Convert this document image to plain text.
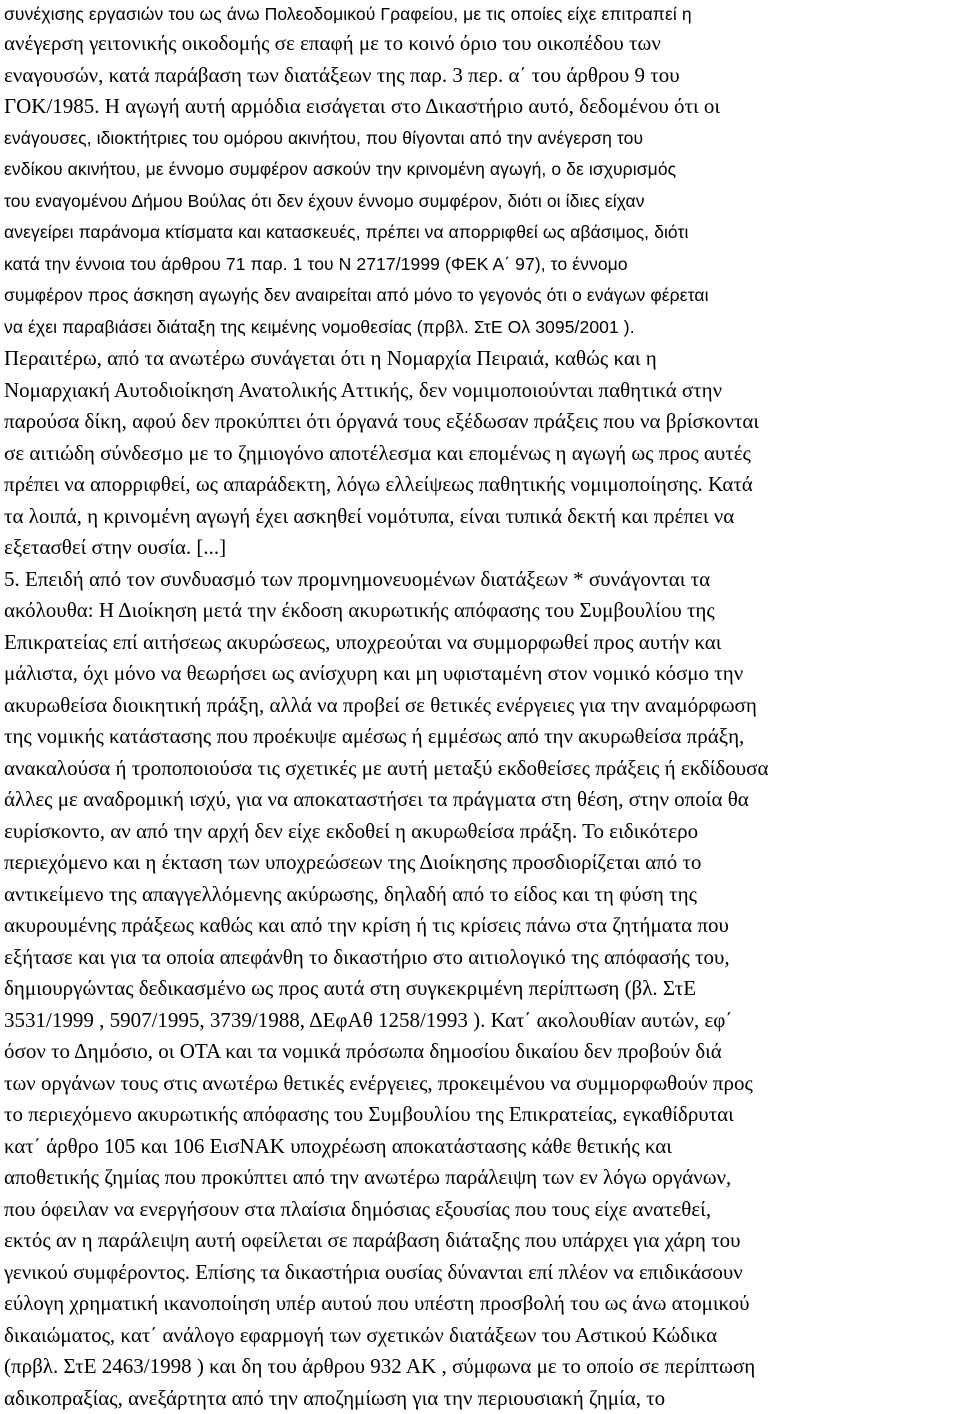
συνέχισης εργασιών του ως άνω Πολεοδομικού Γραφείου, με τις οποίες είχε επιτραπεί η
ανέγερση γειτονικής οικοδομής σε επαφή με το κοινό όριο του οικοπέδου των
εναγουσών, κατά παράβαση των διατάξεων της παρ. 3 περ. α΄ του άρθρου 9 του
ΓΟΚ/1985. Η αγωγή αυτή αρμόδια εισάγεται στο Δικαστήριο αυτό, δεδομένου ότι οι
ενάγουσες, ιδιοκτήτριες του ομόρου ακινήτου, που θίγονται από την ανέγερση του
ενδίκου ακινήτου, με έννομο συμφέρον ασκούν την κρινομένη αγωγή, ο δε ισχυρισμός
του εναγομένου Δήμου Βούλας ότι δεν έχουν έννομο συμφέρον, διότι οι ίδιες είχαν
ανεγείρει παράνομα κτίσματα και κατασκευές, πρέπει να απορριφθεί ως αβάσιμος, διότι
κατά την έννοια του άρθρου 71 παρ. 1 του Ν 2717/1999 (ΦΕΚ Α΄ 97), το έννομο
συμφέρον προς άσκηση αγωγής δεν αναιρείται από μόνο το γεγονός ότι ο ενάγων φέρεται
να έχει παραβιάσει διάταξη της κειμένης νομοθεσίας (πρβλ. ΣτΕ Ολ 3095/2001 ).
Περαιτέρω, από τα ανωτέρω συνάγεται ότι η Νομαρχία Πειραιά, καθώς και η
Νομαρχιακή Αυτοδιοίκηση Ανατολικής Αττικής, δεν νομιμοποιούνται παθητικά στην
παρούσα δίκη, αφού δεν προκύπτει ότι όργανά τους εξέδωσαν πράξεις που να βρίσκονται
σε αιτιώδη σύνδεσμο με το ζημιογόνο αποτέλεσμα και επομένως η αγωγή ως προς αυτές
πρέπει να απορριφθεί, ως απαράδεκτη, λόγω ελλείψεως παθητικής νομιμοποίησης. Κατά
τα λοιπά, η κρινομένη αγωγή έχει ασκηθεί νομότυπα, είναι τυπικά δεκτή και πρέπει να
εξετασθεί στην ουσία. [...]
5. Επειδή από τον συνδυασμό των προμνημονευομένων διατάξεων * συνάγονται τα
ακόλουθα: Η Διοίκηση μετά την έκδοση ακυρωτικής απόφασης του Συμβουλίου της
Επικρατείας επί αιτήσεως ακυρώσεως, υποχρεούται να συμμορφωθεί προς αυτήν και
μάλιστα, όχι μόνο να θεωρήσει ως ανίσχυρη και μη υφισταμένη στον νομικό κόσμο την
ακυρωθείσα διοικητική πράξη, αλλά να προβεί σε θετικές ενέργειες για την αναμόρφωση
της νομικής κατάστασης που προέκυψε αμέσως ή εμμέσως από την ακυρωθείσα πράξη,
ανακαλούσα ή τροποποιούσα τις σχετικές με αυτή μεταξύ εκδοθείσες πράξεις ή εκδίδουσα
άλλες με αναδρομική ισχύ, για να αποκαταστήσει τα πράγματα στη θέση, στην οποία θα
ευρίσκοντο, αν από την αρχή δεν είχε εκδοθεί η ακυρωθείσα πράξη. Το ειδικότερο
περιεχόμενο και η έκταση των υποχρεώσεων της Διοίκησης προσδιορίζεται από το
αντικείμενο της απαγγελλόμενης ακύρωσης, δηλαδή από το είδος και τη φύση της
ακυρουμένης πράξεως καθώς και από την κρίση ή τις κρίσεις πάνω στα ζητήματα που
εξήτασε και για τα οποία απεφάνθη το δικαστήριο στο αιτιολογικό της απόφασής του,
δημιουργώντας δεδικασμένο ως προς αυτά στη συγκεκριμένη περίπτωση (βλ. ΣτΕ
3531/1999 , 5907/1995, 3739/1988, ΔΕφΑθ 1258/1993 ). Κατ΄ ακολουθίαν αυτών, εφ΄
όσον το Δημόσιο, οι ΟΤΑ και τα νομικά πρόσωπα δημοσίου δικαίου δεν προβούν διά
των οργάνων τους στις ανωτέρω θετικές ενέργειες, προκειμένου να συμμορφωθούν προς
το περιεχόμενο ακυρωτικής απόφασης του Συμβουλίου της Επικρατείας, εγκαθίδρυται
κατ΄ άρθρο 105 και 106 ΕισΝΑΚ υποχρέωση αποκατάστασης κάθε θετικής και
αποθετικής ζημίας που προκύπτει από την ανωτέρω παράλειψη των εν λόγω οργάνων,
που όφειλαν να ενεργήσουν στα πλαίσια δημόσιας εξουσίας που τους είχε ανατεθεί,
εκτός αν η παράλειψη αυτή οφείλεται σε παράβαση διάταξης που υπάρχει για χάρη του
γενικού συμφέροντος. Επίσης τα δικαστήρια ουσίας δύνανται επί πλέον να επιδικάσουν
εύλογη χρηματική ικανοποίηση υπέρ αυτού που υπέστη προσβολή του ως άνω ατομικού
δικαιώματος, κατ΄ ανάλογο εφαρμογή των σχετικών διατάξεων του Αστικού Κώδικα
(πρβλ. ΣτΕ 2463/1998 ) και δη του άρθρου 932 ΑΚ , σύμφωνα με το οποίο σε περίπτωση
αδικοπραξίας, ανεξάρτητα από την αποζημίωση για την περιουσιακή ζημία, το
